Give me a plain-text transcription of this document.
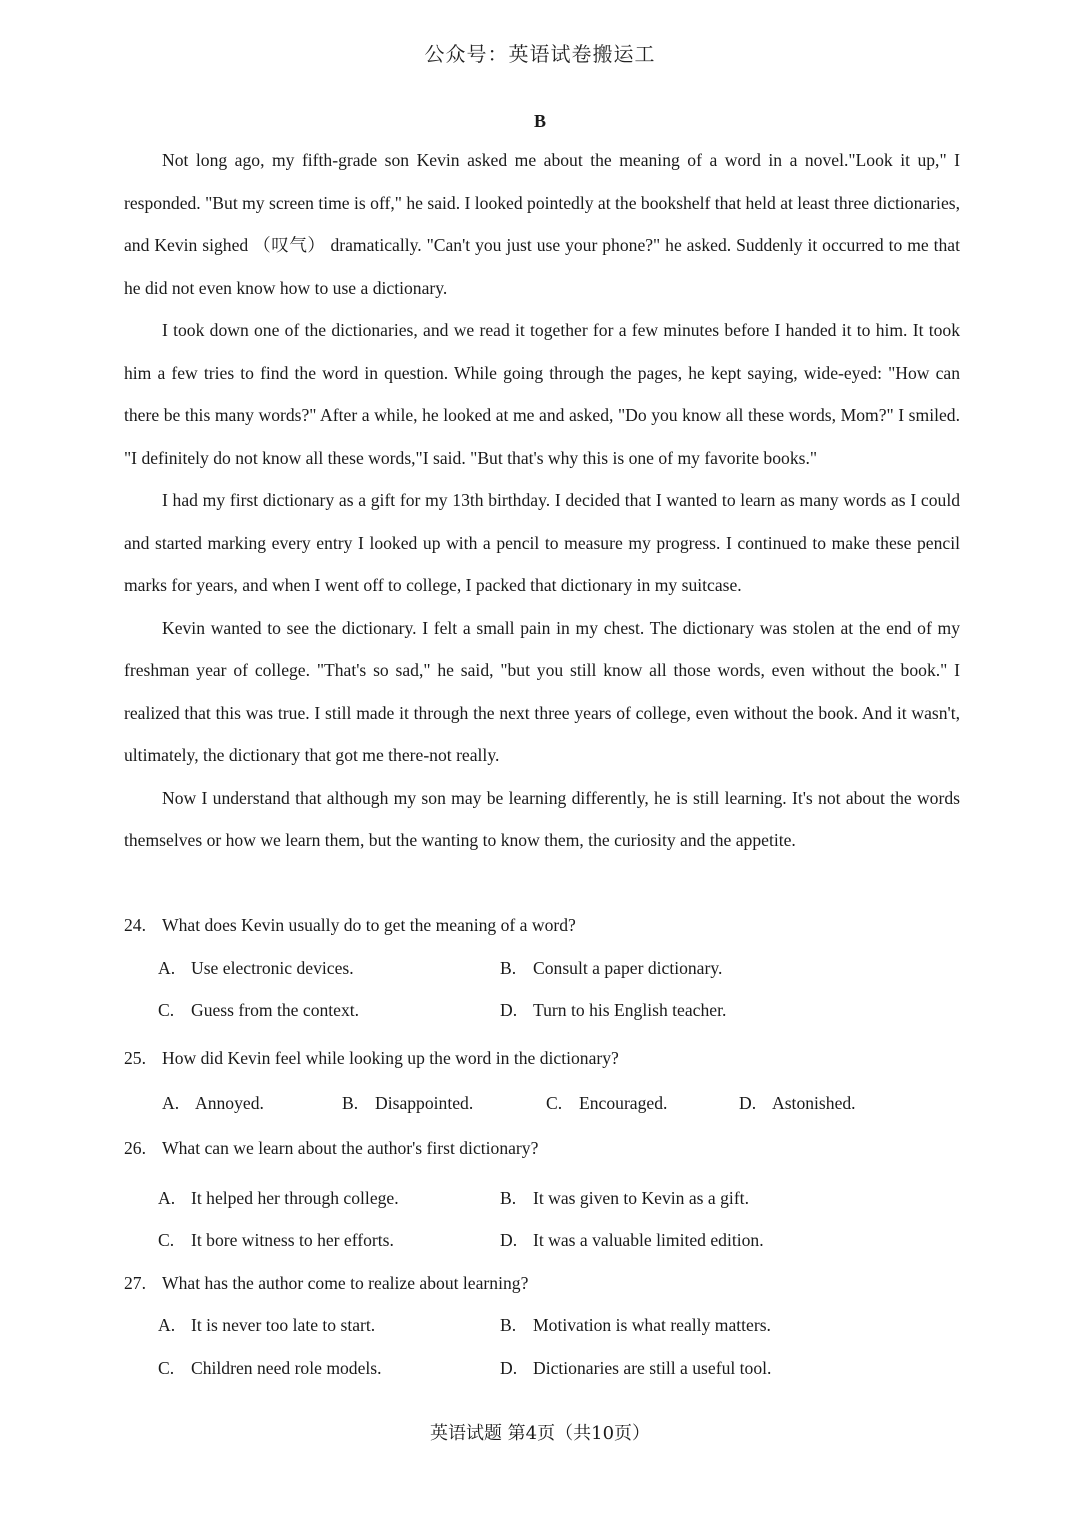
公众号：英语试卷搬运工
B

Not long ago, my fifth-grade son Kevin asked me about the meaning of a word in a novel."Look it up," I responded. "But my screen time is off," he said. I looked pointedly at the bookshelf that held at least three dictionaries, and Kevin sighed （叹气） dramatically. "Can't you just use your phone?" he asked. Suddenly it occurred to me that he did not even know how to use a dictionary.

I took down one of the dictionaries, and we read it together for a few minutes before I handed it to him. It took him a few tries to find the word in question. While going through the pages, he kept saying, wide-eyed: "How can there be this many words?" After a while, he looked at me and asked, "Do you know all these words, Mom?" I smiled. "I definitely do not know all these words,"I said. "But that's why this is one of my favorite books."

I had my first dictionary as a gift for my 13th birthday. I decided that I wanted to learn as many words as I could and started marking every entry I looked up with a pencil to measure my progress. I continued to make these pencil marks for years, and when I went off to college, I packed that dictionary in my suitcase.

Kevin wanted to see the dictionary. I felt a small pain in my chest. The dictionary was stolen at the end of my freshman year of college. "That's so sad," he said, "but you still know all those words, even without the book." I realized that this was true. I still made it through the next three years of college, even without the book. And it wasn't, ultimately, the dictionary that got me there-not really.

Now I understand that although my son may be learning differently, he is still learning. It's not about the words themselves or how we learn them, but the wanting to know them, the curiosity and the appetite.

24. What does Kevin usually do to get the meaning of a word?
A. Use electronic devices.	B. Consult a paper dictionary.
C. Guess from the context.	D. Turn to his English teacher.
25. How did Kevin feel while looking up the word in the dictionary?
A. Annoyed.	B. Disappointed.	C. Encouraged.	D. Astonished.
26. What can we learn about the author's first dictionary?
A. It helped her through college.	B. It was given to Kevin as a gift.
C. It bore witness to her efforts.	D. It was a valuable limited edition.
27. What has the author come to realize about learning?
A. It is never too late to start.	B. Motivation is what really matters.
C. Children need role models.	D. Dictionaries are still a useful tool.
英语试题 第4页（共10页）
